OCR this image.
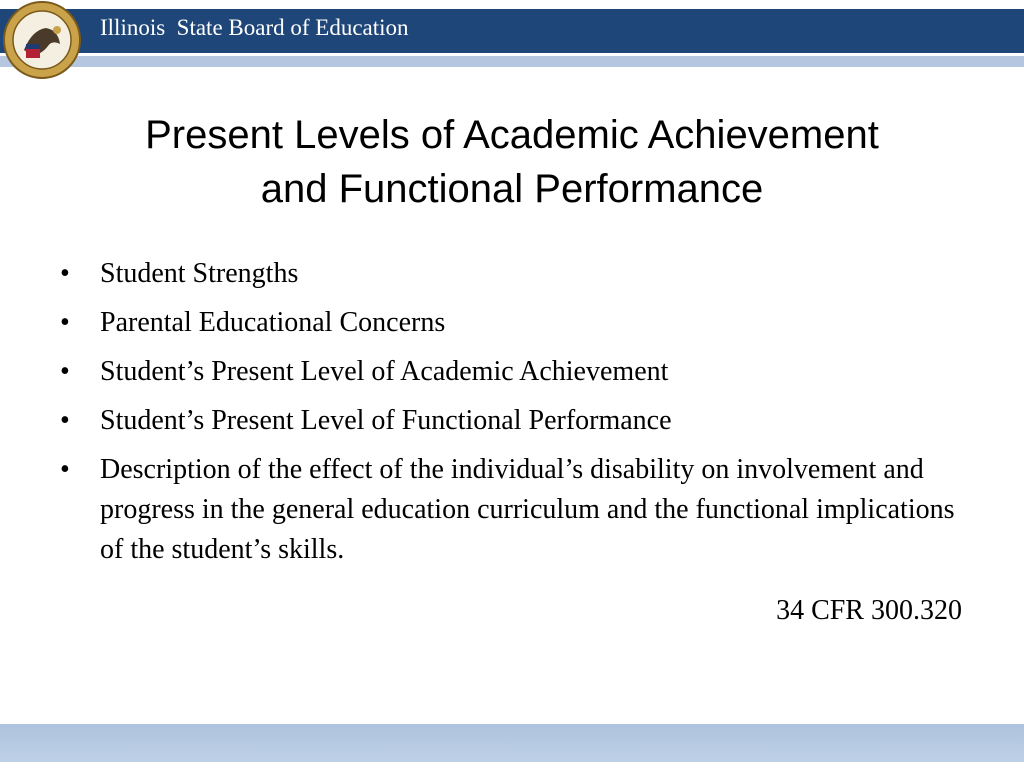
Illinois  State Board of Education
Present Levels of Academic Achievement
and Functional Performance
• Student Strengths
• Parental Educational Concerns
• Student’s Present Level of Academic Achievement
• Student’s Present Level of Functional Performance
• Description of the effect of the individual’s disability on involvement and progress in the general education curriculum and the functional implications of the student’s skills.
34 CFR 300.320
